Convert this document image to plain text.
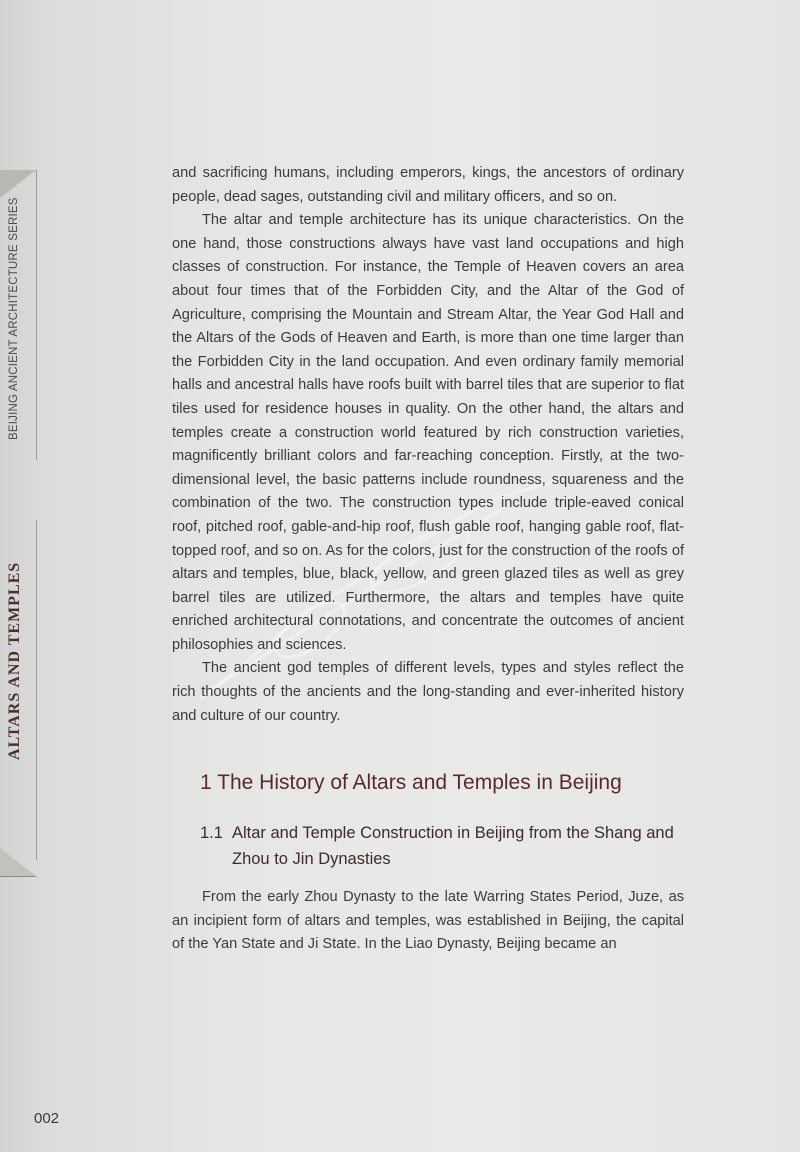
BEIJING ANCIENT ARCHITECTURE SERIES
ALTARS AND TEMPLES

and sacrificing humans, including emperors, kings, the ancestors of ordinary people, dead sages, outstanding civil and military officers, and so on.

The altar and temple architecture has its unique characteristics. On the one hand, those constructions always have vast land occupations and high classes of construction. For instance, the Temple of Heaven covers an area about four times that of the Forbidden City, and the Altar of the God of Agriculture, comprising the Mountain and Stream Altar, the Year God Hall and the Altars of the Gods of Heaven and Earth, is more than one time larger than the Forbidden City in the land occupation. And even ordinary family memorial halls and ancestral halls have roofs built with barrel tiles that are superior to flat tiles used for residence houses in quality. On the other hand, the altars and temples create a construction world featured by rich construction varieties, magnificently brilliant colors and far-reaching conception. Firstly, at the two-dimensional level, the basic patterns include roundness, squareness and the combination of the two. The construction types include triple-eaved conical roof, pitched roof, gable-and-hip roof, flush gable roof, hanging gable roof, flat-topped roof, and so on. As for the colors, just for the construction of the roofs of altars and temples, blue, black, yellow, and green glazed tiles as well as grey barrel tiles are utilized. Furthermore, the altars and temples have quite enriched architectural connotations, and concentrate the outcomes of ancient philosophies and sciences.

The ancient god temples of different levels, types and styles reflect the rich thoughts of the ancients and the long-standing and ever-inherited history and culture of our country.

1 The History of Altars and Temples in Beijing
1.1 Altar and Temple Construction in Beijing from the Shang and Zhou to Jin Dynasties

From the early Zhou Dynasty to the late Warring States Period, Juze, as an incipient form of altars and temples, was established in Beijing, the capital of the Yan State and Ji State. In the Liao Dynasty, Beijing became an

002
